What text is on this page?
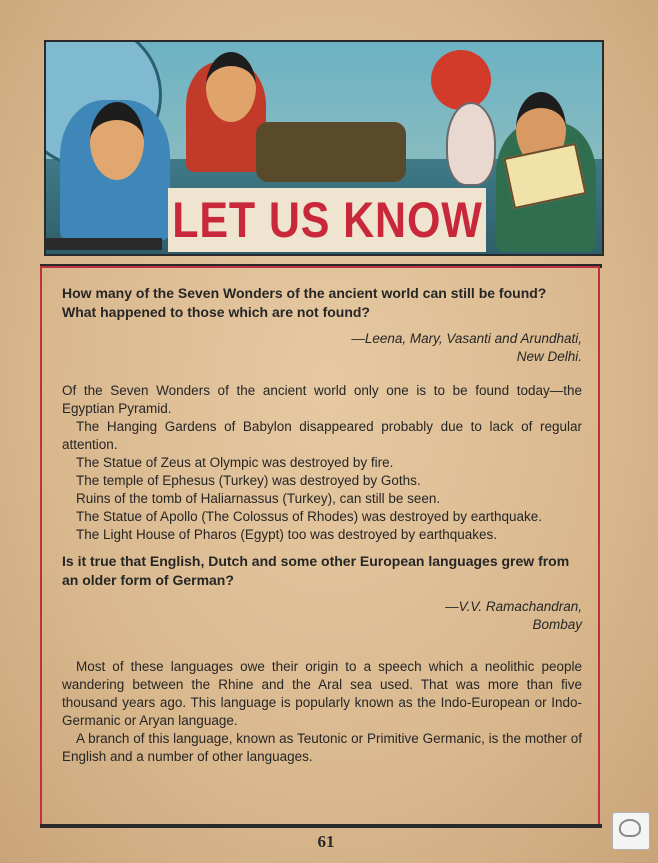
LET US KNOW

How many of the Seven Wonders of the ancient world can still be found? What happened to those which are not found?

—Leena, Mary, Vasanti and Arundhati,
New Delhi.

Of the Seven Wonders of the ancient world only one is to be found today—the Egyptian Pyramid.

The Hanging Gardens of Babylon disappeared probably due to lack of regular attention.

The Statue of Zeus at Olympic was destroyed by fire.

The temple of Ephesus (Turkey) was destroyed by Goths.

Ruins of the tomb of Haliarnassus (Turkey), can still be seen.

The Statue of Apollo (The Colossus of Rhodes) was destroyed by earthquake.

The Light House of Pharos (Egypt) too was destroyed by earthquakes.

Is it true that English, Dutch and some other European languages grew from an older form of German?

—V.V. Ramachandran,
Bombay

Most of these languages owe their origin to a speech which a neolithic people wandering between the Rhine and the Aral sea used. That was more than five thousand years ago. This language is popularly known as the Indo-European or Indo-Germanic or Aryan language.

A branch of this language, known as Teutonic or Primitive Germanic, is the mother of English and a number of other languages.

61
